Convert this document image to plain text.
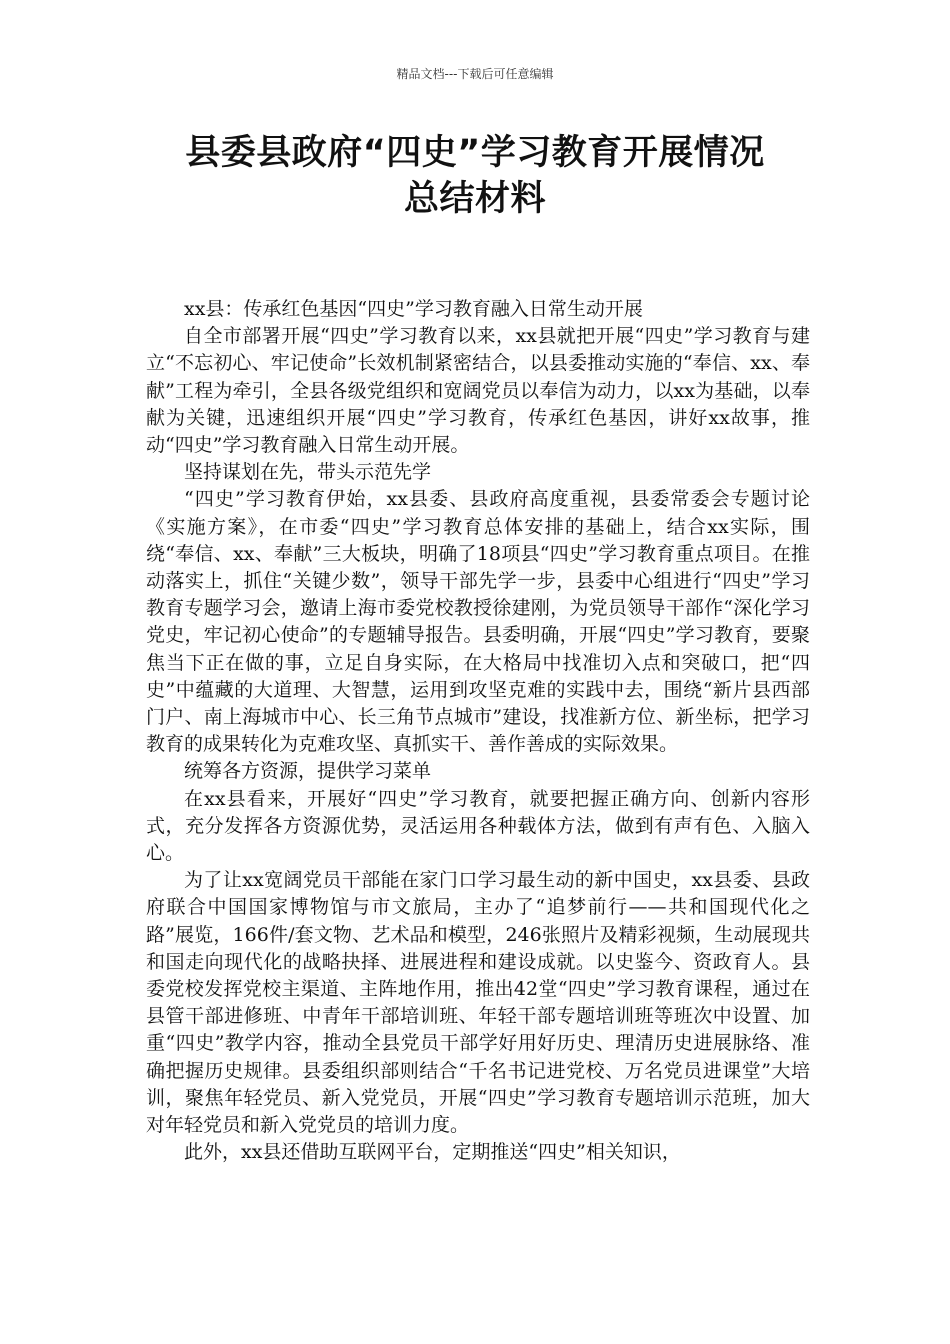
精品文档---下载后可任意编辑
县委县政府“四史”学习教育开展情况
总结材料

xx县：传承红色基因“四史”学习教育融入日常生动开展

自全市部署开展“四史”学习教育以来，xx县就把开展“四史”学习教育与建立“不忘初心、牢记使命”长效机制紧密结合，以县委推动实施的“奉信、xx、奉献”工程为牵引，全县各级党组织和宽阔党员以奉信为动力，以xx为基础，以奉献为关键，迅速组织开展“四史”学习教育，传承红色基因，讲好xx故事，推动“四史”学习教育融入日常生动开展。

坚持谋划在先，带头示范先学

“四史”学习教育伊始，xx县委、县政府高度重视，县委常委会专题讨论《实施方案》，在市委“四史”学习教育总体安排的基础上，结合xx实际，围绕“奉信、xx、奉献”三大板块，明确了18项县“四史”学习教育重点项目。在推动落实上，抓住“关键少数”，领导干部先学一步，县委中心组进行“四史”学习教育专题学习会，邀请上海市委党校教授徐建刚，为党员领导干部作“深化学习党史，牢记初心使命”的专题辅导报告。县委明确，开展“四史”学习教育，要聚焦当下正在做的事，立足自身实际，在大格局中找准切入点和突破口，把“四史”中蕴藏的大道理、大智慧，运用到攻坚克难的实践中去，围绕“新片县西部门户、南上海城市中心、长三角节点城市”建设，找准新方位、新坐标，把学习教育的成果转化为克难攻坚、真抓实干、善作善成的实际效果。

统筹各方资源，提供学习菜单

在xx县看来，开展好“四史”学习教育，就要把握正确方向、创新内容形式，充分发挥各方资源优势，灵活运用各种载体方法，做到有声有色、入脑入心。

为了让xx宽阔党员干部能在家门口学习最生动的新中国史，xx县委、县政府联合中国国家博物馆与市文旅局，主办了“追梦前行——共和国现代化之路”展览，166件/套文物、艺术品和模型，246张照片及精彩视频，生动展现共和国走向现代化的战略抉择、进展进程和建设成就。以史鉴今、资政育人。县委党校发挥党校主渠道、主阵地作用，推出42堂“四史”学习教育课程，通过在县管干部进修班、中青年干部培训班、年轻干部专题培训班等班次中设置、加重“四史”教学内容，推动全县党员干部学好用好历史、理清历史进展脉络、准确把握历史规律。县委组织部则结合“千名书记进党校、万名党员进课堂”大培训，聚焦年轻党员、新入党党员，开展“四史”学习教育专题培训示范班，加大对年轻党员和新入党党员的培训力度。

此外，xx县还借助互联网平台，定期推送“四史”相关知识，
